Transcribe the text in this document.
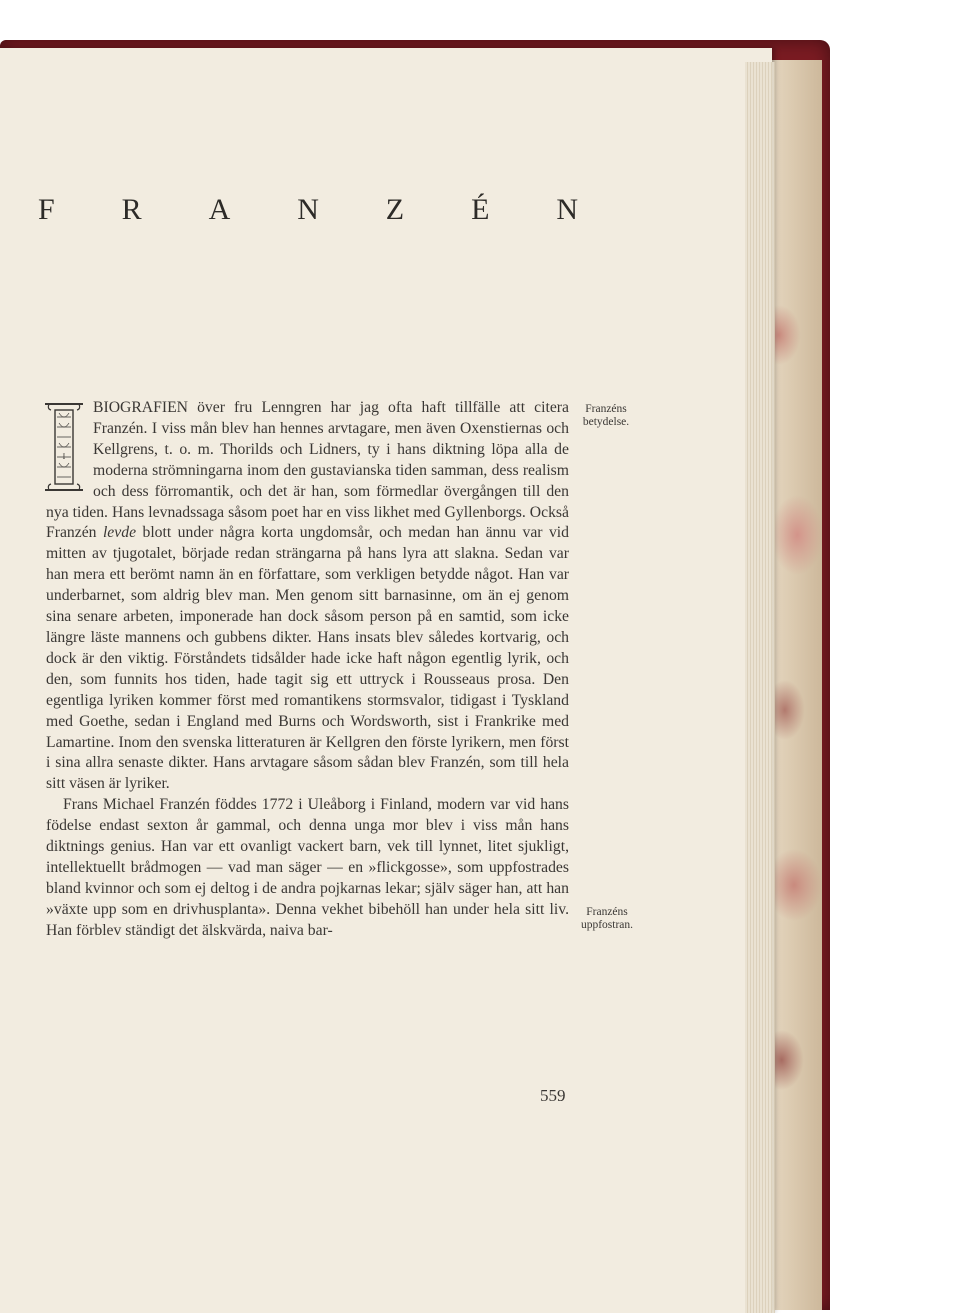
F R A N Z É N
I

BIOGRAFIEN över fru Lenngren har jag ofta haft tillfälle att citera Franzén. I viss mån blev han hennes arvtagare, men även Oxenstiernas och Kellgrens, t. o. m. Thorilds och Lidners, ty i hans diktning löpa alla de moderna strömningarna inom den gustavianska tiden samman, dess realism och dess förromantik, och det är han, som förmedlar övergången till den nya tiden. Hans levnadssaga såsom poet har en viss likhet med Gyllenborgs. Också Franzén levde blott under några korta ungdomsår, och medan han ännu var vid mitten av tjugotalet, började redan strängarna på hans lyra att slakna. Sedan var han mera ett berömt namn än en författare, som verkligen betydde något. Han var underbarnet, som aldrig blev man. Men genom sitt barnasinne, om än ej genom sina senare arbeten, imponerade han dock såsom person på en samtid, som icke längre läste mannens och gubbens dikter. Hans insats blev således kortvarig, och dock är den viktig. Förståndets tidsålder hade icke haft någon egentlig lyrik, och den, som funnits hos tiden, hade tagit sig ett uttryck i Rousseaus prosa. Den egentliga lyriken kommer först med romantikens stormsvalor, tidigast i Tyskland med Goethe, sedan i England med Burns och Wordsworth, sist i Frankrike med Lamartine. Inom den svenska litteraturen är Kellgren den förste lyrikern, men först i sina allra senaste dikter. Hans arvtagare såsom sådan blev Franzén, som till hela sitt väsen är lyriker.

Frans Michael Franzén föddes 1772 i Uleåborg i Finland, modern var vid hans födelse endast sexton år gammal, och denna unga mor blev i viss mån hans diktnings genius. Han var ett ovanligt vackert barn, vek till lynnet, litet sjukligt, intellektuellt brådmogen — vad man säger — en »flickgosse», som uppfostrades bland kvinnor och som ej deltog i de andra pojkarnas lekar; själv säger han, att han »växte upp som en drivhusplanta». Denna vekhet bibehöll han under hela sitt liv. Han förblev ständigt det älskvärda, naiva bar-

Franzéns betydelse.
Franzéns uppfostran.
559
